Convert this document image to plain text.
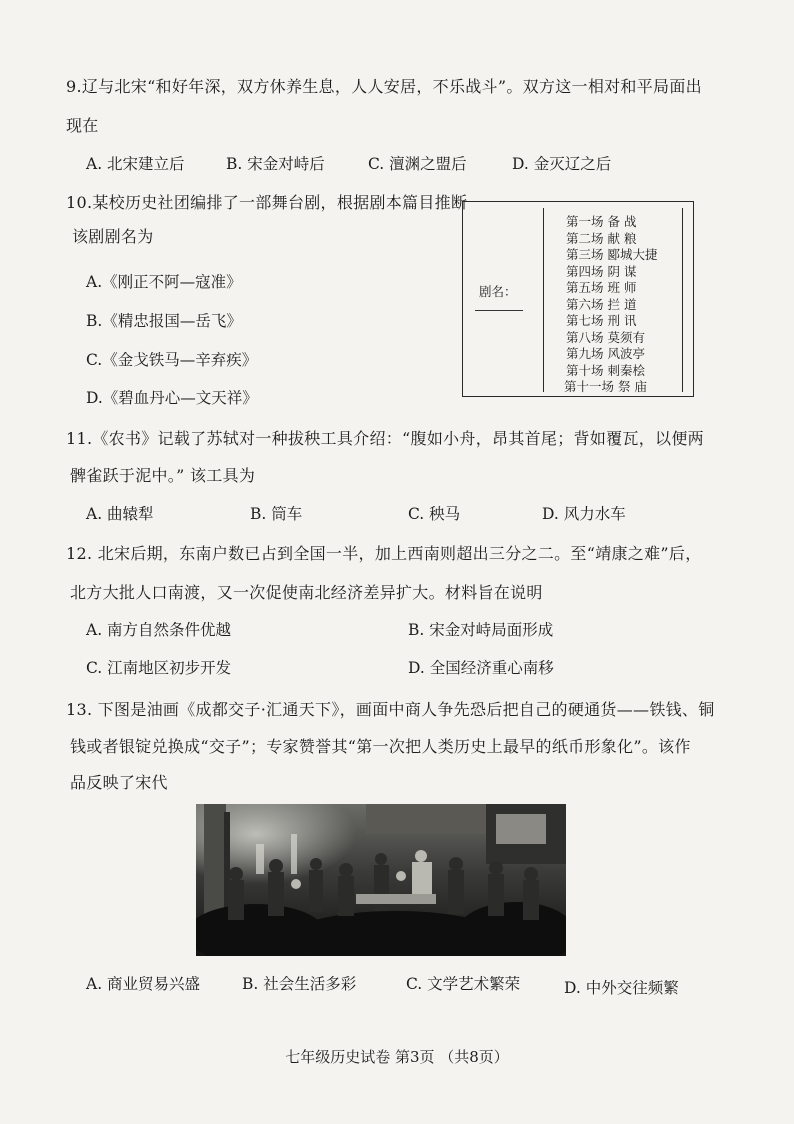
9.辽与北宋“和好年深，双方休养生息，人人安居，不乐战斗”。双方这一相对和平局面出
现在
A. 北宋建立后	B. 宋金对峙后	C. 澶渊之盟后	D. 金灭辽之后
10.某校历史社团编排了一部舞台剧，根据剧本篇目推断
该剧剧名为
A.《刚正不阿—寇准》
B.《精忠报国—岳飞》
C.《金戈铁马—辛弃疾》
D.《碧血丹心—文天祥》
剧名：
第一场 备 战
第二场 献 粮
第三场 郾城大捷
第四场 阴 谋
第五场 班 师
第六场 拦 道
第七场 刑 讯
第八场 莫须有
第九场 风波亭
第十场 刺秦桧
第十一场 祭 庙
11.《农书》记载了苏轼对一种拔秧工具介绍：“腹如小舟，昂其首尾；背如覆瓦，以便两
髀雀跃于泥中。” 该工具为
A. 曲辕犁	B. 筒车	C. 秧马	D. 风力水车
12. 北宋后期，东南户数已占到全国一半，加上西南则超出三分之二。至“靖康之难”后，
北方大批人口南渡，又一次促使南北经济差异扩大。材料旨在说明
A. 南方自然条件优越	B. 宋金对峙局面形成
C. 江南地区初步开发	D. 全国经济重心南移
13. 下图是油画《成都交子·汇通天下》，画面中商人争先恐后把自己的硬通货——铁钱、铜
钱或者银锭兑换成“交子”；专家赞誉其“第一次把人类历史上最早的纸币形象化”。该作
品反映了宋代
A. 商业贸易兴盛	B. 社会生活多彩	C. 文学艺术繁荣	D. 中外交往频繁
七年级历史试卷 第3页 （共8页）
